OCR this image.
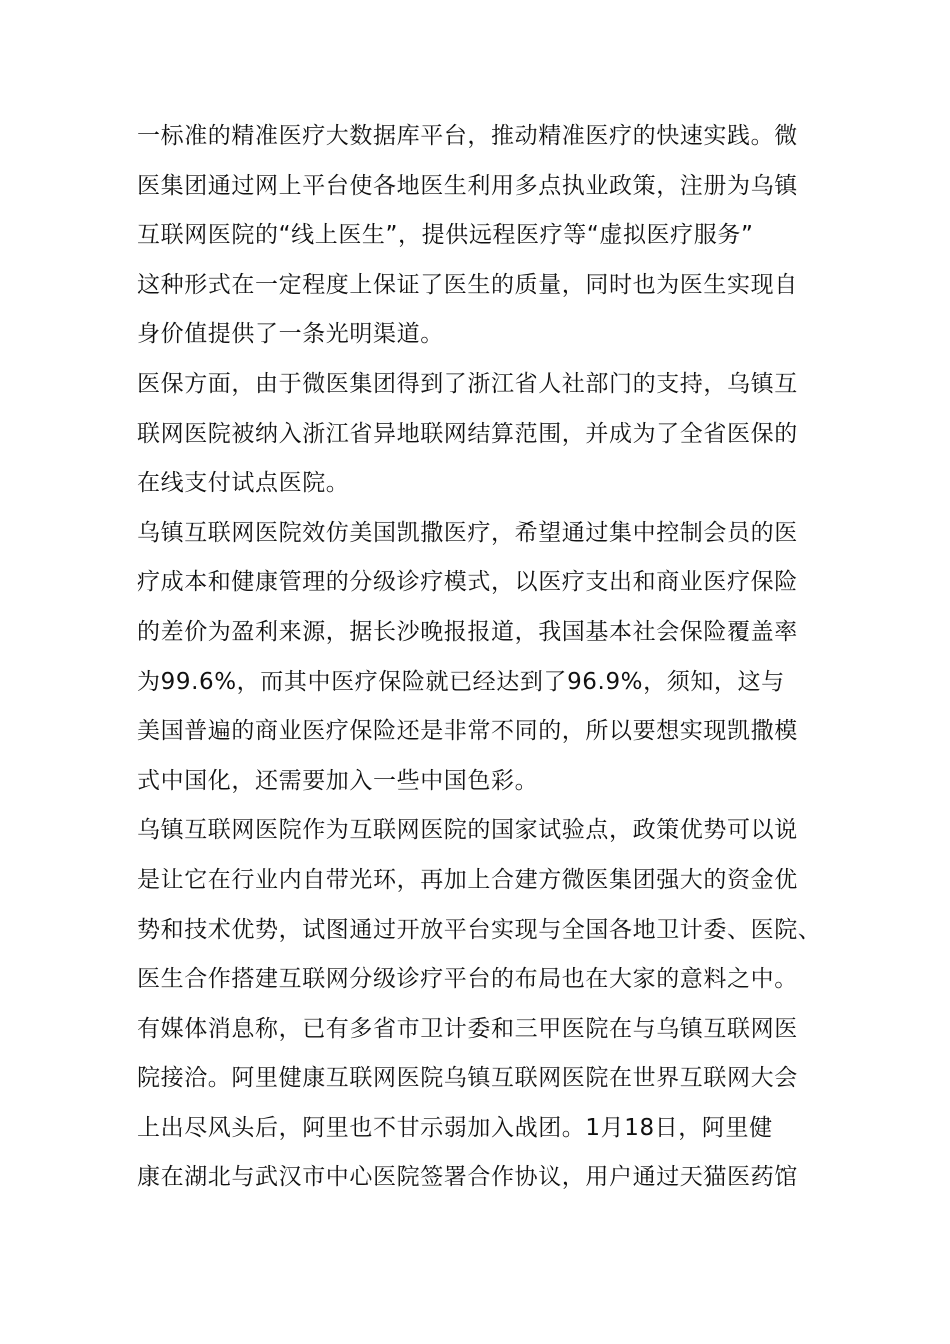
一标准的精准医疗大数据库平台，推动精准医疗的快速实践。微
医集团通过网上平台使各地医生利用多点执业政策，注册为乌镇
互联网医院的“线上医生”，提供远程医疗等“虚拟医疗服务”
这种形式在一定程度上保证了医生的质量，同时也为医生实现自
身价值提供了一条光明渠道。
医保方面，由于微医集团得到了浙江省人社部门的支持，乌镇互
联网医院被纳入浙江省异地联网结算范围，并成为了全省医保的
在线支付试点医院。
乌镇互联网医院效仿美国凯撒医疗，希望通过集中控制会员的医
疗成本和健康管理的分级诊疗模式，以医疗支出和商业医疗保险
的差价为盈利来源，据长沙晚报报道，我国基本社会保险覆盖率
为99.6%，而其中医疗保险就已经达到了96.9%，须知，这与
美国普遍的商业医疗保险还是非常不同的，所以要想实现凯撒模
式中国化，还需要加入一些中国色彩。
乌镇互联网医院作为互联网医院的国家试验点，政策优势可以说
是让它在行业内自带光环，再加上合建方微医集团强大的资金优
势和技术优势，试图通过开放平台实现与全国各地卫计委、医院、
医生合作搭建互联网分级诊疗平台的布局也在大家的意料之中。
有媒体消息称，已有多省市卫计委和三甲医院在与乌镇互联网医
院接洽。阿里健康互联网医院乌镇互联网医院在世界互联网大会
上出尽风头后，阿里也不甘示弱加入战团。1月18日，阿里健
康在湖北与武汉市中心医院签署合作协议，用户通过天猫医药馆
